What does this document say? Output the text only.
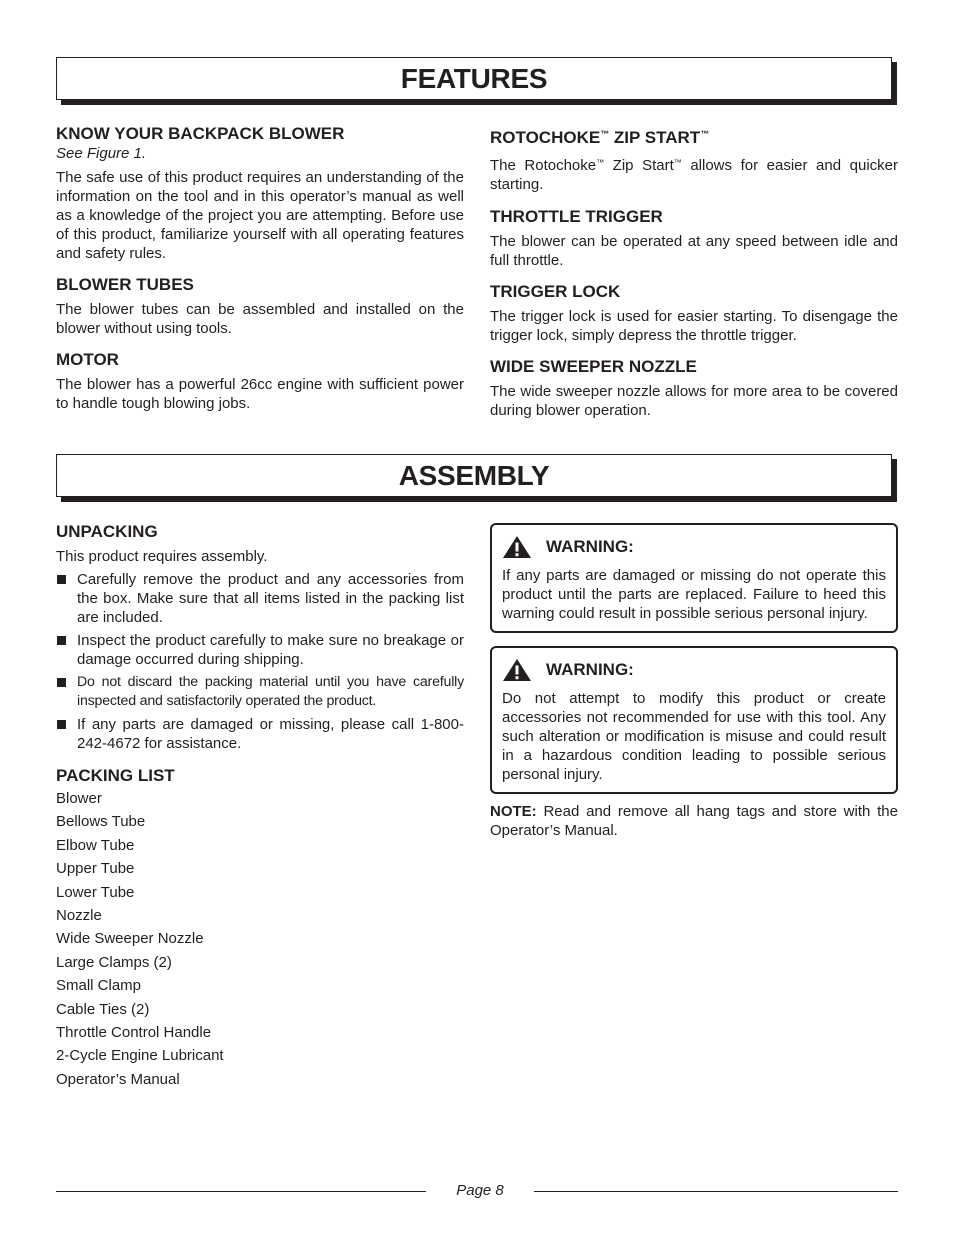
FEATURES
KNOW YOUR BACKPACK BLOWER

See Figure 1.

The safe use of this product requires an understanding of the information on the tool and in this operator’s manual as well as a knowledge of the project you are attempting. Before use of this product, familiarize yourself with all operating features and safety rules.

BLOWER TUBES

The blower tubes can be assembled and installed on the blower without using tools.

MOTOR

The blower has a powerful 26cc engine with sufficient power to handle tough blowing jobs.

ROTOCHOKE™ ZIP START™

The Rotochoke™ Zip Start™ allows for easier and quicker starting.

THROTTLE TRIGGER

The blower can be operated at any speed between idle and full throttle.

TRIGGER LOCK

The trigger lock is used for easier starting. To disengage the trigger lock, simply depress the throttle trigger.

WIDE SWEEPER NOZZLE

The wide sweeper nozzle allows for more area to be covered during blower operation.

ASSEMBLY
UNPACKING

This product requires assembly.

Carefully remove the product and any accessories from the box. Make sure that all items listed in the packing list are included.
Inspect the product carefully to make sure no breakage or damage occurred during shipping.
Do not discard the packing material until you have carefully inspected and satisfactorily operated the product.
If any parts are damaged or missing, please call 1-800-242-4672 for assistance.
PACKING LIST
Blower
Bellows Tube
Elbow Tube
Upper Tube
Lower Tube
Nozzle
Wide Sweeper Nozzle
Large Clamps (2)
Small Clamp
Cable Ties (2)
Throttle Control Handle
2-Cycle Engine Lubricant
Operator’s Manual
WARNING:

If any parts are damaged or missing do not operate this product until the parts are replaced. Failure to heed this warning could result in possible serious personal injury.

WARNING:

Do not attempt to modify this product or create accessories not recommended for use with this tool. Any such alteration or modification is misuse and could result in a hazardous condition leading to possible serious personal injury.

NOTE: Read and remove all hang tags and store with the Operator’s Manual.

Page 8
